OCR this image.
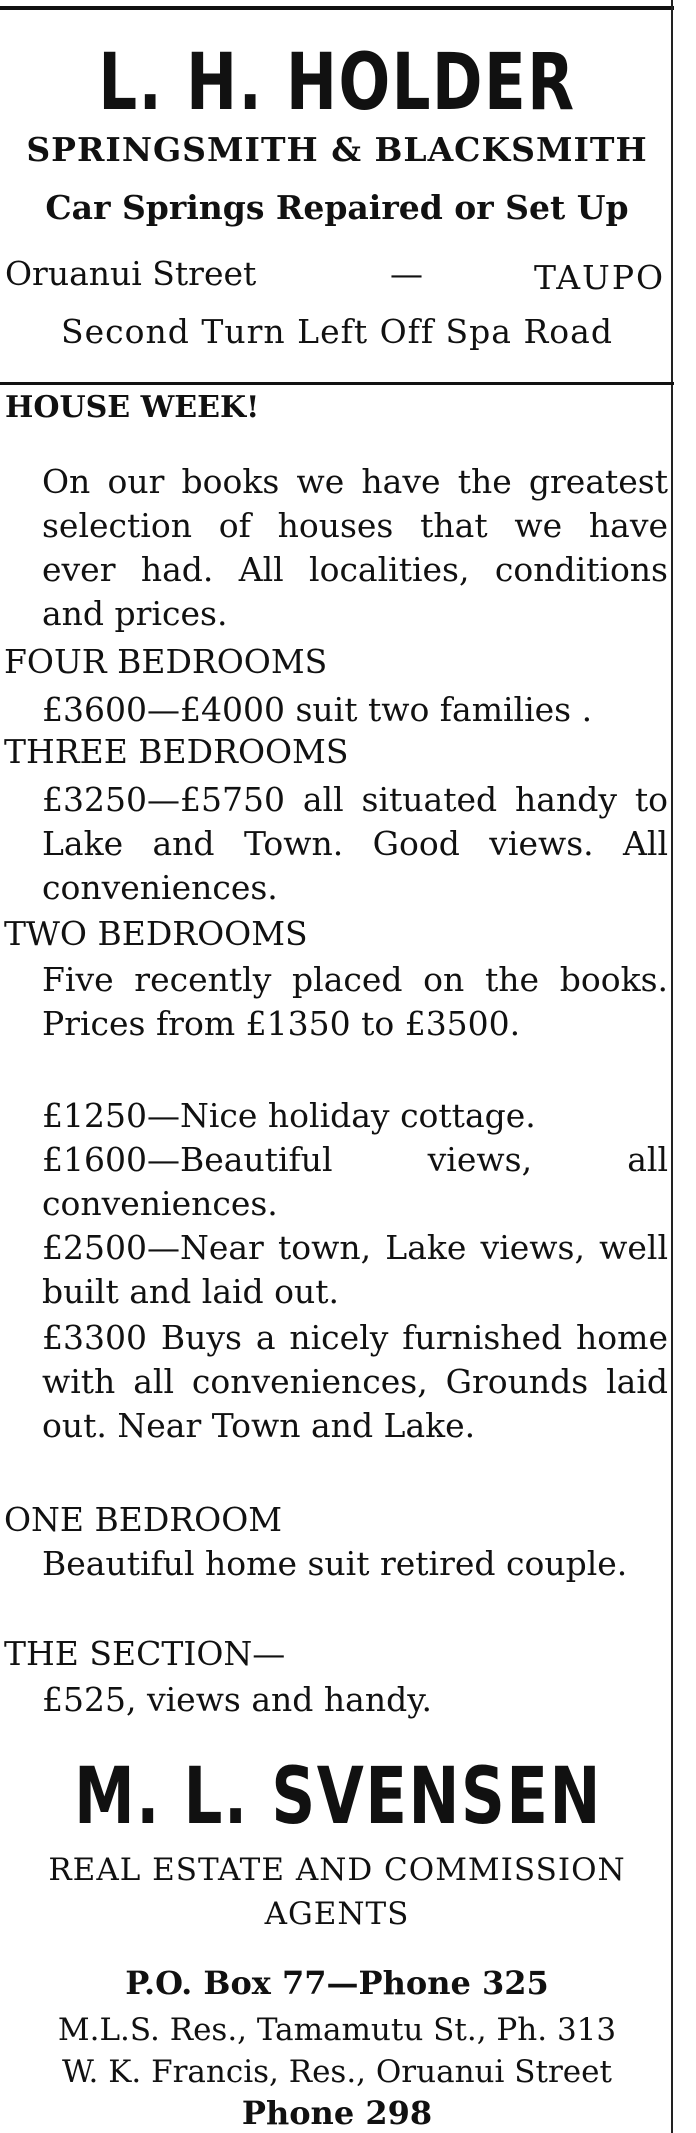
L. H. HOLDER
SPRINGSMITH & BLACKSMITH
Car Springs Repaired or Set Up
Oruanui Street	—	TAUPO
Second Turn Left Off Spa Road
HOUSE WEEK!
On our books we have the greatest selection of houses that we have ever had. All localities, conditions and prices.
FOUR BEDROOMS
£3600—£4000 suit two families .
THREE BEDROOMS
£3250—£5750 all situated handy to Lake and Town. Good views. All conveniences.
TWO BEDROOMS
Five recently placed on the books. Prices from £1350 to £3500.
£1250—Nice holiday cottage.
£1600—Beautiful views, all conveniences.
£2500—Near town, Lake views, well built and laid out.
£3300 Buys a nicely furnished home with all conveniences, Grounds laid out. Near Town and Lake.
ONE BEDROOM
Beautiful home suit retired couple.
THE SECTION—
£525, views and handy.
M. L. SVENSEN
REAL ESTATE AND COMMISSION
AGENTS
P.O. Box 77—Phone 325
M.L.S. Res., Tamamutu St., Ph. 313
W. K. Francis, Res., Oruanui Street
Phone 298
